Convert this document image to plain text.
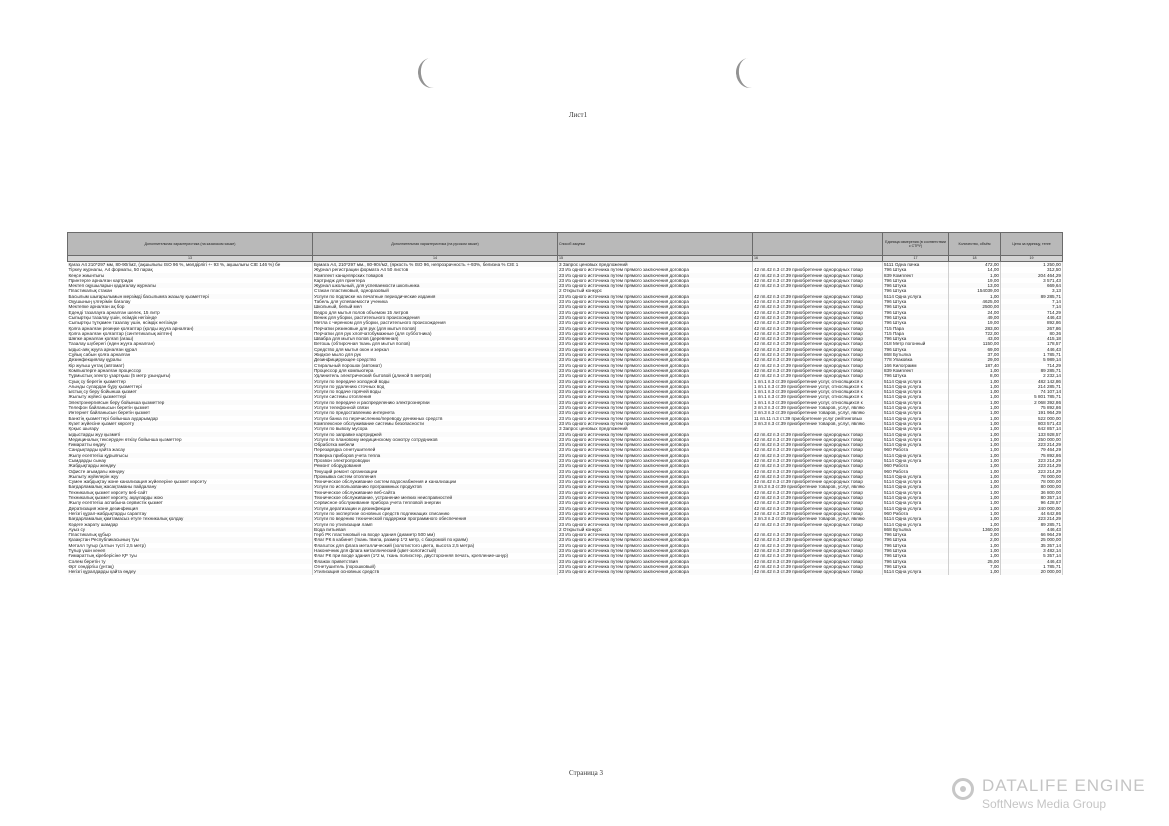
Лист1
Дополнительная характеристика (на казахском языке)	Дополнительная характеристика (на русском языке)	Способ закупки		Единица измерения (в соответствии с СТРУ)	Количество, объём	Цена за единицу, тенге
13	14	15	16	17	18	19
Қағаз A4 210*297 мм, 80-90г/м2, (ақшылығы ISO 96 %, мөлдірлігі +- 93 %, ақшылығы CIE 146 %) бе	Бумага А4, 210*297 мм., 80-90г/м2, (яркость % ISO 96, непрозрачность +-93%, белизна % CIE 1	3 Запрос ценовых предложений		5111 Одна пачка	472,00	1 250,00
Тіркеу журналы, А4 форматы, 50 парақ	Журнал регистрации формата А4 50 листов	23 Из одного источника путем прямого заключения договора	42 пп.42 п.3 ст.39 приобретение однородных товар	796 Штука	14,00	312,50
Кеңсе жиынтығы	Комплект канцелярских товаров	23 Из одного источника путем прямого заключения договора	42 пп.42 п.3 ст.39 приобретение однородных товар	839 Комплект	1,00	204 464,29
Принтерге арналған картридж	Картридж для принтера	23 Из одного источника путем прямого заключения договора	42 пп.42 п.3 ст.39 приобретение однородных товар	796 Штука	19,00	3 571,43
Мектеп оқушыларын қадағалау журналы	Журнал школьный, для успеваемости школьника	23 Из одного источника путем прямого заключения договора	42 пп.42 п.3 ст.39 приобретение однородных товар	796 Штука	13,00	669,64
Пластикалық стакан	Стакан пластиковый, одноразовый	2 Открытый конкурс		796 Штука	154039,00	3,13
Басылым шығарылымын мерзімді басылымға жазылу қызметтері	Услуги по подписке на печатные периодические издания	23 Из одного источника путем прямого заключения договора	42 пп.42 п.3 ст.39 приобретение однородных товар	5114 Одна услуга	1,00	89 285,71
Оқушының үлгерімін бағалау	Табель для успеваемости ученика	23 Из одного источника путем прямого заключения договора	42 пп.42 п.3 ст.39 приобретение однородных товар	796 Штука	4625,00	7,14
Мектепке арналған ақ бор	Школьный, белый мел	23 Из одного источника путем прямого заключения договора	42 пп.42 п.3 ст.39 приобретение однородных товар	796 Штука	2500,00	7,14
Еденді тазалауға арналған шелек, 15 литр	Ведро для мытья полов объемом 15 литров	23 Из одного источника путем прямого заключения договора	42 пп.42 п.3 ст.39 приобретение однородных товар	796 Штука	24,00	714,29
Сыпыртқы тазалау үшін, өсімдік негізінде	Веник для уборки, растительного происхождения	23 Из одного источника путем прямого заключения договора	42 пп.42 п.3 ст.39 приобретение однородных товар	796 Штука	49,00	446,43
Сыпыртқы тұтқамен тазалау үшін, өсімдік негізінде	Метла с черенком для уборки, растительного происхождения	23 Из одного источника путем прямого заключения договора	42 пп.42 п.3 ст.39 приобретение однородных товар	796 Штука	19,00	892,86
Қолға арналған резеңке қолғаптар (қолды жууға арналған)	Перчатки резиновые для рук (для мытья полов)	23 Из одного источника путем прямого заключения договора	42 пп.42 п.3 ст.39 приобретение однородных товар	715 Пара	283,00	267,86
Қолға арналған қолғаптар (синтетикалық жіптен)	Перчатки для рук хлопчатобумажные (для субботника)	23 Из одного источника путем прямого заключения договора	42 пп.42 п.3 ст.39 приобретение однородных товар	715 Пара	722,00	80,36
Шөпке арналған қолғап (ағаш)	Швабра для мытья полов (деревянная)	23 Из одного источника путем прямого заключения договора	42 пп.42 п.3 ст.39 приобретение однородных товар	796 Штука	43,00	415,18
Тазалау шүберегі (еден жууға арналған)	Ветошь (обтирочная ткань для мытья полов)	23 Из одного источника путем прямого заключения договора	42 пп.42 п.3 ст.39 приобретение однородных товар	018 Метр погонный	1150,00	178,57
Ыдыс-аяқ жууға арналған құрал	Средство для мытья окон и зеркал	23 Из одного источника путем прямого заключения договора	42 пп.42 п.3 ст.39 приобретение однородных товар	796 Штука	69,00	446,43
Сұйық сабын қолға арналған	Жидкое мыло для рук	23 Из одного источника путем прямого заключения договора	42 пп.42 п.3 ст.39 приобретение однородных товар	868 Бутылка	37,00	1 785,71
Дезинфекциялау құралы	Дезинфицирующее средство	23 Из одного источника путем прямого заключения договора	42 пп.42 п.3 ст.39 приобретение однородных товар	778 Упаковка	29,00	5 989,14
Кір жуғыш ұнтақ (автомат)	Стиральный порошок (автомат)	23 Из одного источника путем прямого заключения договора	42 пп.42 п.3 ст.39 приобретение однородных товар	166 Килограмм	187,40	714,29
Компьютерге арналған процессор	Процессор для компьютера	23 Из одного источника путем прямого заключения договора	42 пп.42 п.3 ст.39 приобретение однородных товар	839 Комплект	1,00	89 285,71
Тұрмыстық электр ұзартқыш (5 метр ұзындығы)	Удлинитель электрический бытовой (длиной 5 метров)	23 Из одного источника путем прямого заключения договора	42 пп.42 п.3 ст.39 приобретение однородных товар	796 Штука	8,00	2 232,14
Суық су беретін қызметтер	Услуги по передаче холодной воды	23 Из одного источника путем прямого заключения договора	1 пп.1 п.3 ст.39 приобретение услуг, относящихся к	5114 Одна услуга	1,00	482 142,86
Ағынды сулардан бұру қызметтері	Услуги по удалению сточных вод	23 Из одного источника путем прямого заключения договора	1 пп.1 п.3 ст.39 приобретение услуг, относящихся к	5114 Одна услуга	1,00	214 285,71
Ыстық су беру бойынша қызмет	Услуги по подаче горячей воды	23 Из одного источника путем прямого заключения договора	1 пп.1 п.3 ст.39 приобретение услуг, относящихся к	5114 Одна услуга	1,00	74 107,14
Жылыту жүйесі қызметтері	Услуги системы отопления	23 Из одного источника путем прямого заключения договора	1 пп.1 п.3 ст.39 приобретение услуг, относящихся к	5114 Одна услуга	1,00	5 801 785,71
Электрэнергиясын беру бойынша қызметтер	Услуги по передаче и распределению электроэнергии	23 Из одного источника путем прямого заключения договора	1 пп.1 п.3 ст.39 приобретение услуг, относящихся к	5114 Одна услуга	1,00	2 068 392,86
Телефон байланысын беретін қызмет	Услуги телефонной связи	23 Из одного источника путем прямого заключения договора	3 пп.3 п.3 ст.39 приобретение товаров, услуг, являю	5114 Одна услуга	1,00	75 892,86
Интернет байланысын беретін қызмет	Услуги по предоставлению интернета	23 Из одного источника путем прямого заключения договора	3 пп.3 п.3 ст.39 приобретение товаров, услуг, являю	5114 Одна услуга	1,00	191 964,29
Банктің қызметтері бойынша аударымдар	Услуги банка по перечислению/переводу денежных средств	23 Из одного источника путем прямого заключения договора	11 пп.11 п.3 ст.39 приобретение услуг рейтинговых	5114 Одна услуга	1,00	522 000,00
Күзет жүйесіне қызмет көрсету	Комплексное обслуживание системы безопасности	23 Из одного источника путем прямого заключения договора	3 пп.3 п.3 ст.39 приобретение товаров, услуг, являю	5114 Одна услуга	1,00	803 571,43
Қоқыс шығару	Услуги по вывозу мусора	3 Запрос ценовых предложений		5114 Одна услуга	1,00	642 857,14
Ыдыстарды жуу қызметі	Услуги по заправке картриджей	23 Из одного источника путем прямого заключения договора	42 пп.42 п.3 ст.39 приобретение однородных товар	5114 Одна услуга	1,00	133 928,57
Медициналық тексеруден өткізу бойынша қызметтер	Услуги по плановому медицинскому осмотру сотрудников	23 Из одного источника путем прямого заключения договора	42 пп.42 п.3 ст.39 приобретение однородных товар	5114 Одна услуга	1,00	250 000,00
Ғимаратты өңдеу	Обработка мебели	23 Из одного источника путем прямого заключения договора	42 пп.42 п.3 ст.39 приобретение однородных товар	5114 Одна услуга	1,00	223 214,29
Сандықтарды қайта жасау	Перезарядка огнетушителей	23 Из одного источника путем прямого заключения договора	42 пп.42 п.3 ст.39 приобретение однородных товар	960 Работа	1,00	79 464,29
Жылу есептегіш құрылғысы	Поверка приборов учета тепла	23 Из одного источника путем прямого заключения договора	42 пп.42 п.3 ст.39 приобретение однородных товар	5114 Одна услуга	1,00	75 892,86
Сымдарды сынау	Прозвон электропроводки	23 Из одного источника путем прямого заключения договора	42 пп.42 п.3 ст.39 приобретение однородных товар	5114 Одна услуга	1,00	223 214,29
Жабдықтарды жөндеу	Ремонт оборудования	23 Из одного источника путем прямого заключения договора	42 пп.42 п.3 ст.39 приобретение однородных товар	960 Работа	1,00	223 214,29
Офисте ағымдағы жөндеу	Текущий ремонт организации	23 Из одного источника путем прямого заключения договора	42 пп.42 п.3 ст.39 приобретение однородных товар	960 Работа	1,00	223 214,29
Жылыту жүйелерін жуу	Промывка систем отопления	23 Из одного источника путем прямого заключения договора	42 пп.42 п.3 ст.39 приобретение однородных товар	5114 Одна услуга	1,00	78 000,00
Сумен жабдықтау және канализация жүйелеріне қызмет көрсету	Техническое обслуживание систем водоснабжения и канализации	23 Из одного источника путем прямого заключения договора	42 пп.42 п.3 ст.39 приобретение однородных товар	5114 Одна услуга	1,00	78 000,00
Бағдарламалық жасақтаманы пайдалану	Услуги по использованию программных продуктов	23 Из одного источника путем прямого заключения договора	3 пп.3 п.3 ст.39 приобретение товаров, услуг, являю	5114 Одна услуга	1,00	80 000,00
Техникалық қызмет көрсету веб-сайт	Техническое обслуживание веб-сайта	23 Из одного источника путем прямого заключения договора	42 пп.42 п.3 ст.39 приобретение однородных товар	5114 Одна услуга	1,00	36 800,00
Техникалық қызмет көрсету, ақауларды жою	Техническое обслуживание, устранение мелких неисправностей	23 Из одного источника путем прямого заключения договора	42 пп.42 п.3 ст.39 приобретение однородных товар	5114 Одна услуга	1,00	80 357,14
Жылу есептегіш аспабына сервистік қызмет	Сервисное обслуживание прибора учета тепловой энергии	23 Из одного источника путем прямого заключения договора	42 пп.42 п.3 ст.39 приобретение однородных товар	5114 Одна услуга	1,00	96 428,57
Дератизация және дезинфекция	Услуги дератизации и дезинфекции	23 Из одного источника путем прямого заключения договора	42 пп.42 п.3 ст.39 приобретение однородных товар	5114 Одна услуга	1,00	240 000,00
Негізгі құрал-жабдықтарды сараптау	Услуги по экспертизе основных средств подлежащих списанию	23 Из одного источника путем прямого заключения договора	42 пп.42 п.3 ст.39 приобретение однородных товар	960 Работа	1,00	44 642,86
Бағдарламалық қамтамасыз етуге техникалық қолдау	Услуги по ведению технической поддержки программного обеспечения	23 Из одного источника путем прямого заключения договора	3 пп.3 п.3 ст.39 приобретение товаров, услуг, являю	5114 Одна услуга	1,00	223 214,29
Кәдеге жарату шамдар	Услуги по утилизации ламп	23 Из одного источника путем прямого заключения договора	42 пп.42 п.3 ст.39 приобретение однородных товар	5114 Одна услуга	1,00	89 285,71
Ауыз су	Вода питьевая	2 Открытый конкурс		868 Бутылка	1360,00	446,43
Пластикалық құбыр	Герб РК пластиковый на входе здания (диаметр 500 мм)	23 Из одного источника путем прямого заключения договора	42 пп.42 п.3 ст.39 приобретение однородных товар	796 Штука	3,00	66 964,29
Қазақстан Республикасының туы	Флаг РК в кабинет (ткань твила, размер 1*2 метр, с бахромой по краям)	23 Из одного источника путем прямого заключения договора	42 пп.42 п.3 ст.39 приобретение однородных товар	796 Штука	2,00	25 000,00
Металл тұғыр (алтын түсті 2,5 метр)	Флагшток для флага металлический (золотистого цвета, высота 2,5 метра)	23 Из одного источника путем прямого заключения договора	42 пп.42 п.3 ст.39 приобретение однородных товар	796 Штука	1,00	35 357,14
Тұғыр үшін кенеп	Наконечник для флага металлический (цвет-золотистый)	23 Из одного источника путем прямого заключения договора	42 пп.42 п.3 ст.39 приобретение однородных товар	796 Штука	1,00	3 482,14
Ғимараттың кіреберісіне ҚР туы	Флаг РК при входе здания (1*2 м, ткань полиэстер, двусторонняя печать, крепление-шнур)	23 Из одного источника путем прямого заключения договора	42 пп.42 п.3 ст.39 приобретение однородных товар	796 Штука	1,00	5 357,14
Сәлем беретін ту	Флажок приветствия	23 Из одного источника путем прямого заключения договора	42 пп.42 п.3 ст.39 приобретение однородных товар	796 Штука	25,00	446,43
Өрт сөндіргіш (ұнтақ)	Огнетушитель (порошковый)	23 Из одного источника путем прямого заключения договора	42 пп.42 п.3 ст.39 приобретение однородных товар	796 Штука	7,00	1 785,71
Негізгі құралдарды қайта өңдеу	Утилизация основных средств	23 Из одного источника путем прямого заключения договора	42 пп.42 п.3 ст.39 приобретение однородных товар	5114 Одна услуга	1,00	20 000,00
Страница 3
DATALIFE ENGINE
SoftNews Media Group
